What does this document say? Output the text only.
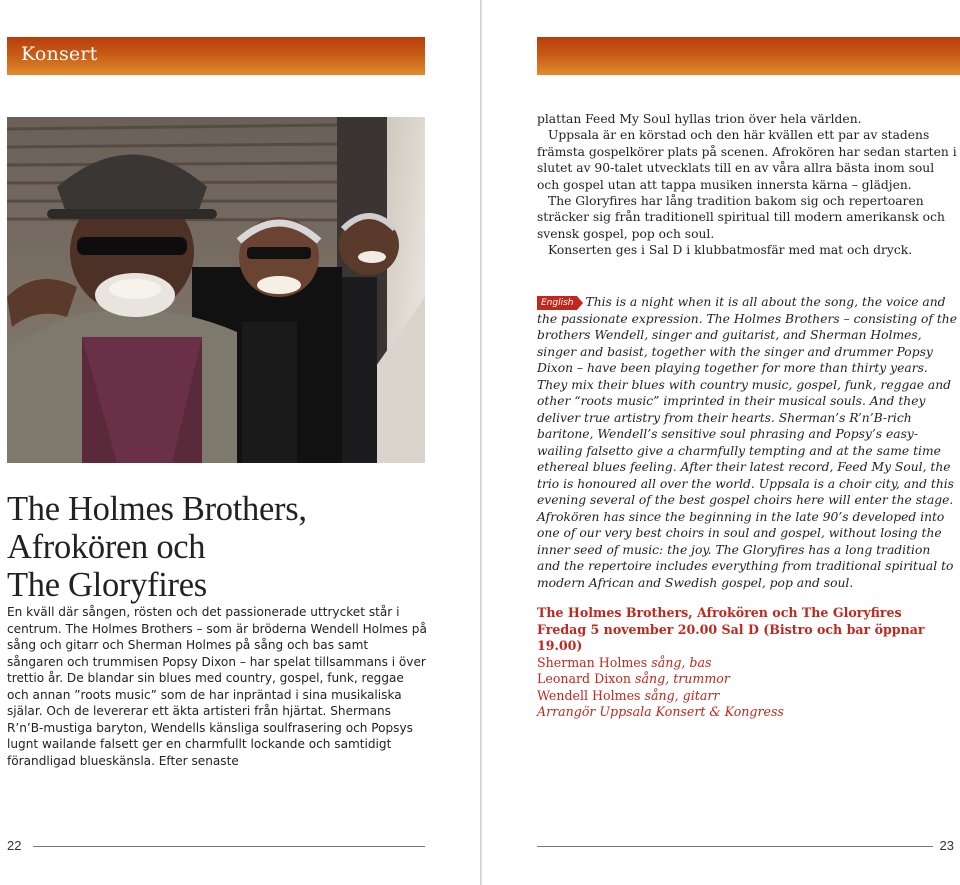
Konsert
The Holmes Brothers,
Afrokören och
The Gloryfires

En kväll där sången, rösten och det passionerade uttrycket står i centrum. The Holmes Brothers – som är bröderna Wendell Holmes på sång och gitarr och Sherman Holmes på sång och bas samt sångaren och trummisen Popsy Dixon – har spelat tillsammans i över trettio år. De blandar sin blues med country, gospel, funk, reggae och annan ”roots music” som de har inpräntad i sina musikaliska själar. Och de levererar ett äkta artisteri från hjärtat. Shermans R’n’B-mustiga baryton, Wendells känsliga soulfrasering och Popsys lugnt wailande falsett ger en charmfullt lockande och samtidigt förandligad blueskänsla. Efter senaste

22

plattan Feed My Soul hyllas trion över hela världen.

Uppsala är en körstad och den här kvällen ett par av stadens främsta gospelkörer plats på scenen. Afrokören har sedan starten i slutet av 90-talet utvecklats till en av våra allra bästa inom soul och gospel utan att tappa musiken innersta kärna – glädjen.

The Gloryfires har lång tradition bakom sig och repertoaren sträcker sig från traditionell spiritual till modern amerikansk och svensk gospel, pop och soul.

Konserten ges i Sal D i klubbatmosfär med mat och dryck.

English This is a night when it is all about the song, the voice and the passionate expression. The Holmes Brothers – consisting of the brothers Wendell, singer and guitarist, and Sherman Holmes, singer and basist, together with the singer and drummer Popsy Dixon – have been playing together for more than thirty years. They mix their blues with country music, gospel, funk, reggae and other “roots music” imprinted in their musical souls. And they deliver true artistry from their hearts. Sherman’s R’n’B-rich baritone, Wendell’s sensitive soul phrasing and Popsy’s easy-wailing falsetto give a charmfully tempting and at the same time ethereal blues feeling. After their latest record, Feed My Soul, the trio is honoured all over the world. Uppsala is a choir city, and this evening several of the best gospel choirs here will enter the stage. Afrokören has since the beginning in the late 90’s developed into one of our very best choirs in soul and gospel, without losing the inner seed of music: the joy. The Gloryfires has a long tradition and the repertoire includes everything from traditional spiritual to modern African and Swedish gospel, pop and soul.

The Holmes Brothers, Afrokören och The Gloryfires
Fredag 5 november 20.00 Sal D (Bistro och bar öppnar 19.00)
Sherman Holmes sång, bas
Leonard Dixon sång, trummor
Wendell Holmes sång, gitarr
Arrangör Uppsala Konsert & Kongress
23
